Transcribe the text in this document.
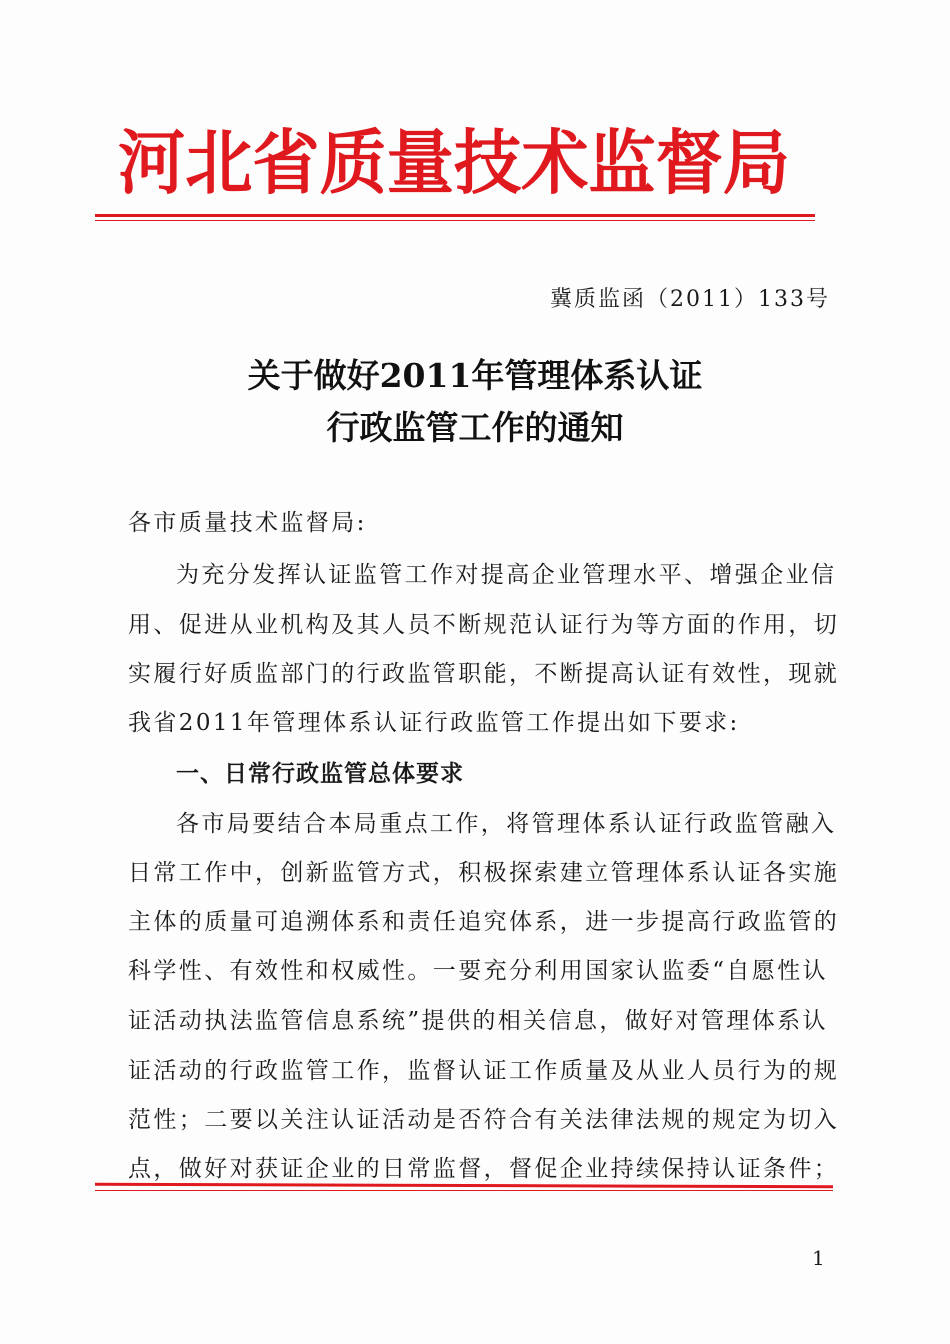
河北省质量技术监督局
冀质监函（2011）133号
关于做好2011年管理体系认证
行政监管工作的通知
各市质量技术监督局:
为充分发挥认证监管工作对提高企业管理水平、增强企业信
用、促进从业机构及其人员不断规范认证行为等方面的作用，切
实履行好质监部门的行政监管职能，不断提高认证有效性，现就
我省2011年管理体系认证行政监管工作提出如下要求:
一、日常行政监管总体要求
各市局要结合本局重点工作，将管理体系认证行政监管融入
日常工作中，创新监管方式，积极探索建立管理体系认证各实施
主体的质量可追溯体系和责任追究体系，进一步提高行政监管的
科学性、有效性和权威性。一要充分利用国家认监委“自愿性认
证活动执法监管信息系统”提供的相关信息，做好对管理体系认
证活动的行政监管工作，监督认证工作质量及从业人员行为的规
范性；二要以关注认证活动是否符合有关法律法规的规定为切入
点，做好对获证企业的日常监督，督促企业持续保持认证条件；
1
